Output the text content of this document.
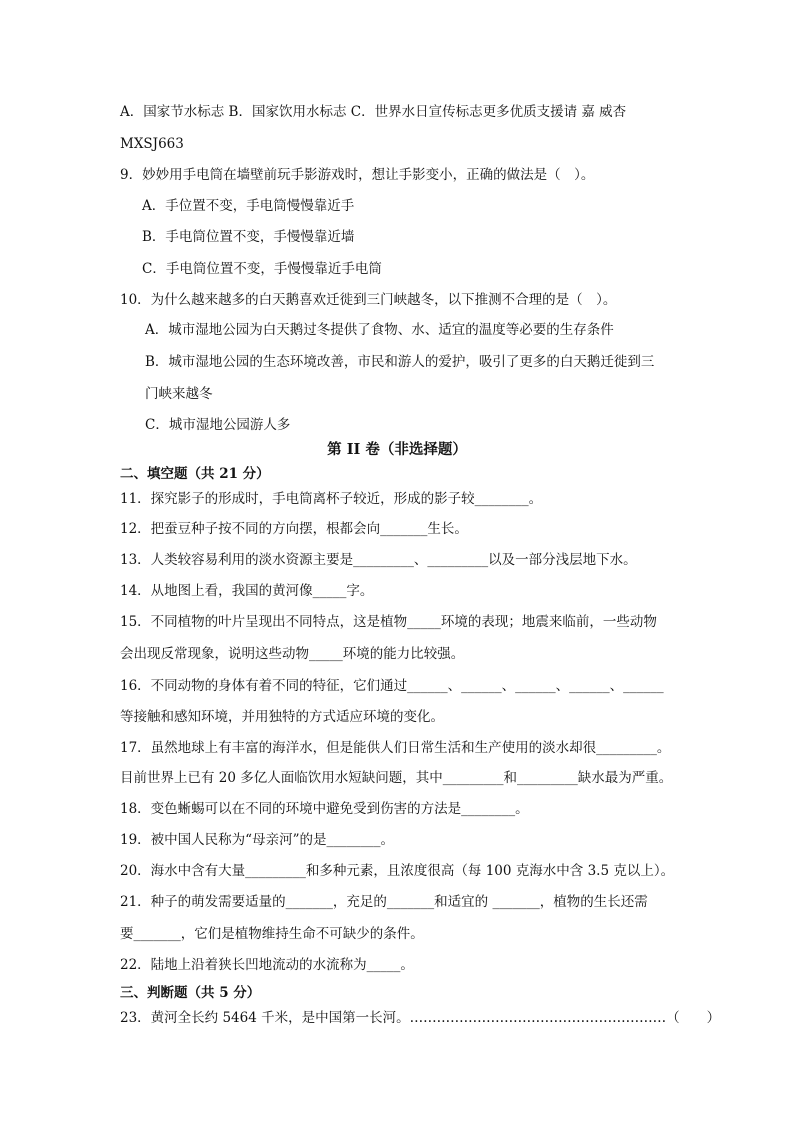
A．国家节水标志 B．国家饮用水标志 C．世界水日宣传标志更多优质支援请 嘉 威杏
MXSJ663
9．妙妙用手电筒在墙壁前玩手影游戏时，想让手影变小，正确的做法是（　）。
A．手位置不变，手电筒慢慢靠近手
B．手电筒位置不变，手慢慢靠近墙
C．手电筒位置不变，手慢慢靠近手电筒
10．为什么越来越多的白天鹅喜欢迁徙到三门峡越冬，以下推测不合理的是（　）。
A．城市湿地公园为白天鹅过冬提供了食物、水、适宜的温度等必要的生存条件
B．城市湿地公园的生态环境改善，市民和游人的爱护，吸引了更多的白天鹅迁徙到三
门峡来越冬
C．城市湿地公园游人多
第 II 卷（非选择题）
二、填空题（共 21 分）
11．探究影子的形成时，手电筒离杯子较近，形成的影子较________。
12．把蚕豆种子按不同的方向摆，根都会向_______生长。
13．人类较容易利用的淡水资源主要是_________、_________以及一部分浅层地下水。
14．从地图上看，我国的黄河像_____字。
15．不同植物的叶片呈现出不同特点，这是植物_____环境的表现；地震来临前，一些动物
会出现反常现象，说明这些动物_____环境的能力比较强。
16．不同动物的身体有着不同的特征，它们通过______、______、______、______、______
等接触和感知环境，并用独特的方式适应环境的变化。
17．虽然地球上有丰富的海洋水，但是能供人们日常生活和生产使用的淡水却很_________。
目前世界上已有 20 多亿人面临饮用水短缺问题，其中_________和_________缺水最为严重。
18．变色蜥蜴可以在不同的环境中避免受到伤害的方法是________。
19．被中国人民称为“母亲河”的是________。
20．海水中含有大量_________和多种元素，且浓度很高（每 100 克海水中含 3.5 克以上）。
21．种子的萌发需要适量的_______，充足的_______和适宜的 _______，植物的生长还需
要_______，它们是植物维持生命不可缺少的条件。
22．陆地上沿着狭长凹地流动的水流称为_____。
三、判断题（共 5 分）
23．黄河全长约 5464 千米，是中国第一长河。…………………………………………………（　　）
